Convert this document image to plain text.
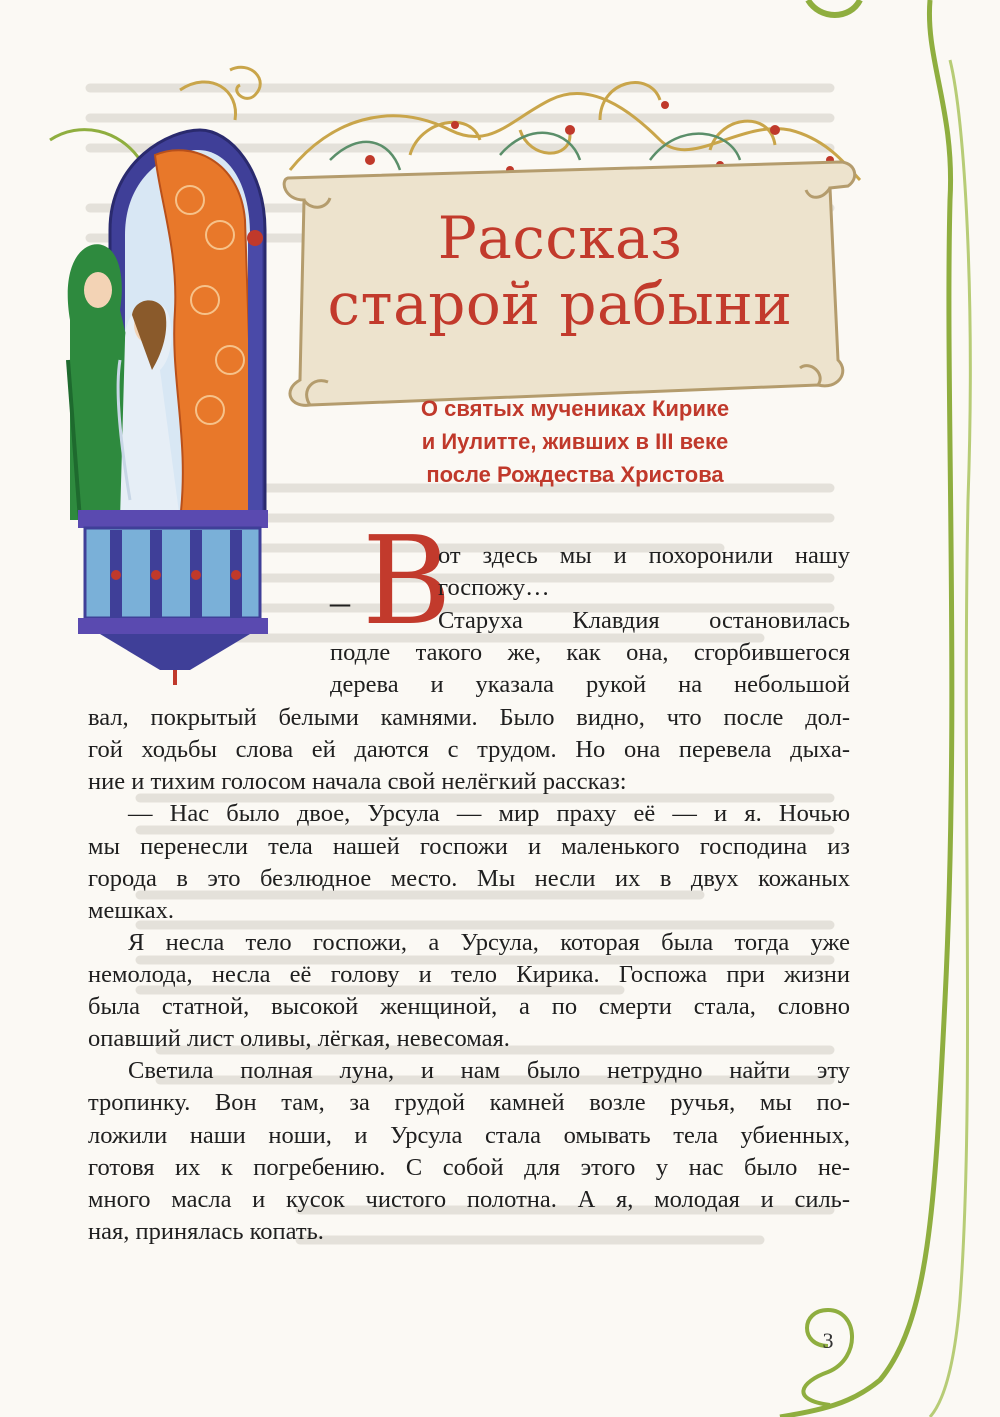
Рассказ
старой рабыни
О святых мучениках Кирике
и Иулитте, живших в III веке
после Рождества Христова
– В
от здесь мы и похоронили нашу
госпожу…
Старуха Клавдия остановилась
подле такого же, как она, сгорбившегося
дерева и указала рукой на небольшой
вал, покрытый белыми камнями. Было видно, что после дол-
гой ходьбы слова ей даются с трудом. Но она перевела дыха-
ние и тихим голосом начала свой нелёгкий рассказ:
— Нас было двое, Урсула — мир праху её — и я. Ночью
мы перенесли тела нашей госпожи и маленького господина из
города в это безлюдное место. Мы несли их в двух кожаных
мешках.
Я несла тело госпожи, а Урсула, которая была тогда уже
немолода, несла её голову и тело Кирика. Госпожа при жизни
была статной, высокой женщиной, а по смерти стала, словно
опавший лист оливы, лёгкая, невесомая.
Светила полная луна, и нам было нетрудно найти эту
тропинку. Вон там, за грудой камней возле ручья, мы по-
ложили наши ноши, и Урсула стала омывать тела убиенных,
готовя их к погребению. С собой для этого у нас было не-
много масла и кусок чистого полотна. А я, молодая и силь-
ная, принялась копать.
3
